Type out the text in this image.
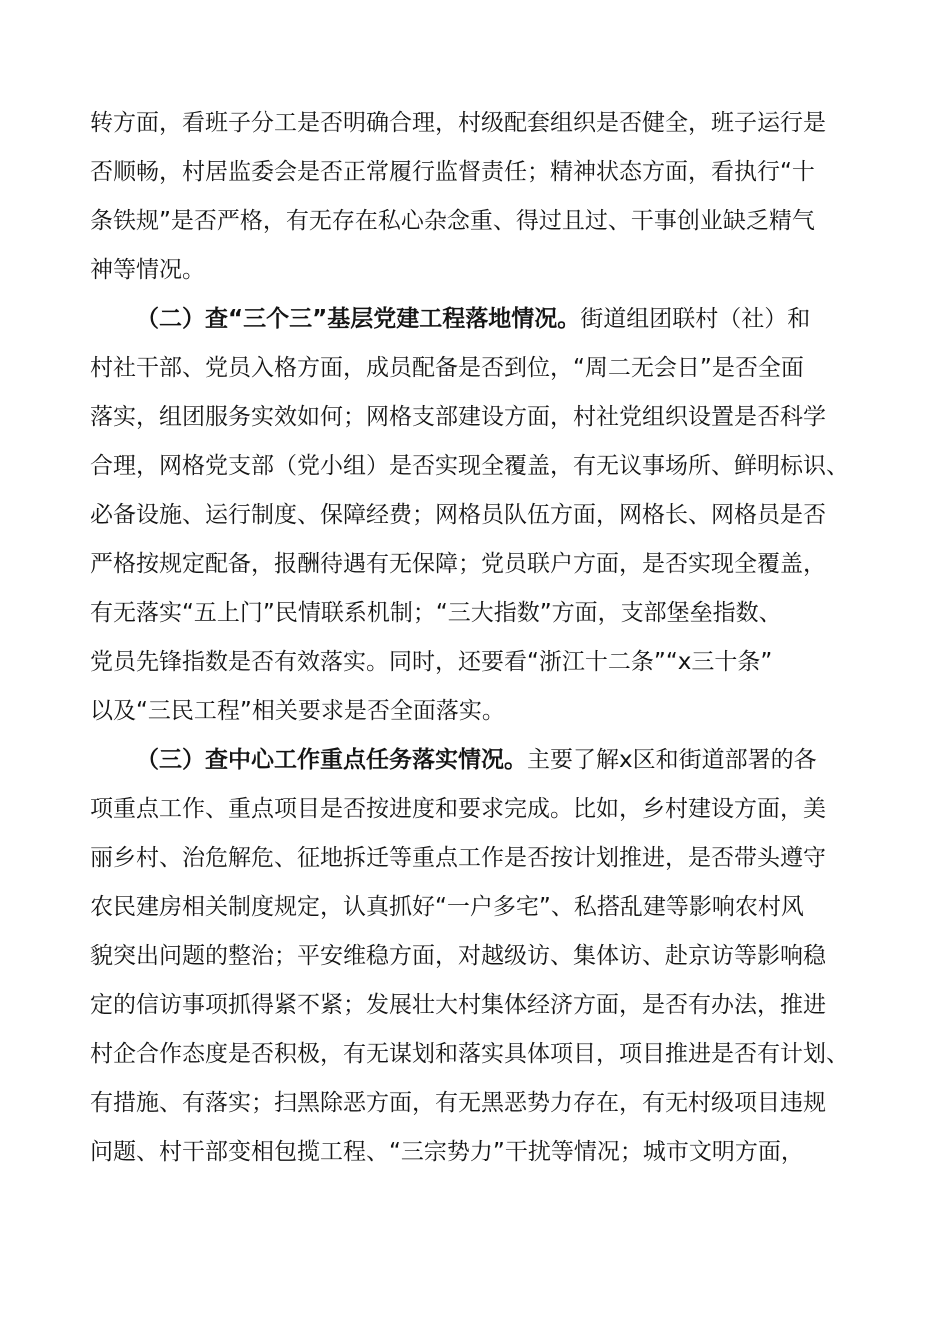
转方面，看班子分工是否明确合理，村级配套组织是否健全，班子运行是
否顺畅，村居监委会是否正常履行监督责任；精神状态方面，看执行“十
条铁规”是否严格，有无存在私心杂念重、得过且过、干事创业缺乏精气
神等情况。
（二）查“三个三”基层党建工程落地情况。街道组团联村（社）和
村社干部、党员入格方面，成员配备是否到位，“周二无会日”是否全面
落实，组团服务实效如何；网格支部建设方面，村社党组织设置是否科学
合理，网格党支部（党小组）是否实现全覆盖，有无议事场所、鲜明标识、
必备设施、运行制度、保障经费；网格员队伍方面，网格长、网格员是否
严格按规定配备，报酬待遇有无保障；党员联户方面，是否实现全覆盖，
有无落实“五上门”民情联系机制；“三大指数”方面，支部堡垒指数、
党员先锋指数是否有效落实。同时，还要看“浙江十二条”“x三十条”
以及“三民工程”相关要求是否全面落实。
（三）查中心工作重点任务落实情况。主要了解x区和街道部署的各
项重点工作、重点项目是否按进度和要求完成。比如，乡村建设方面，美
丽乡村、治危解危、征地拆迁等重点工作是否按计划推进，是否带头遵守
农民建房相关制度规定，认真抓好“一户多宅”、私搭乱建等影响农村风
貌突出问题的整治；平安维稳方面，对越级访、集体访、赴京访等影响稳
定的信访事项抓得紧不紧；发展壮大村集体经济方面，是否有办法，推进
村企合作态度是否积极，有无谋划和落实具体项目，项目推进是否有计划、
有措施、有落实；扫黑除恶方面，有无黑恶势力存在，有无村级项目违规
问题、村干部变相包揽工程、“三宗势力”干扰等情况；城市文明方面，
